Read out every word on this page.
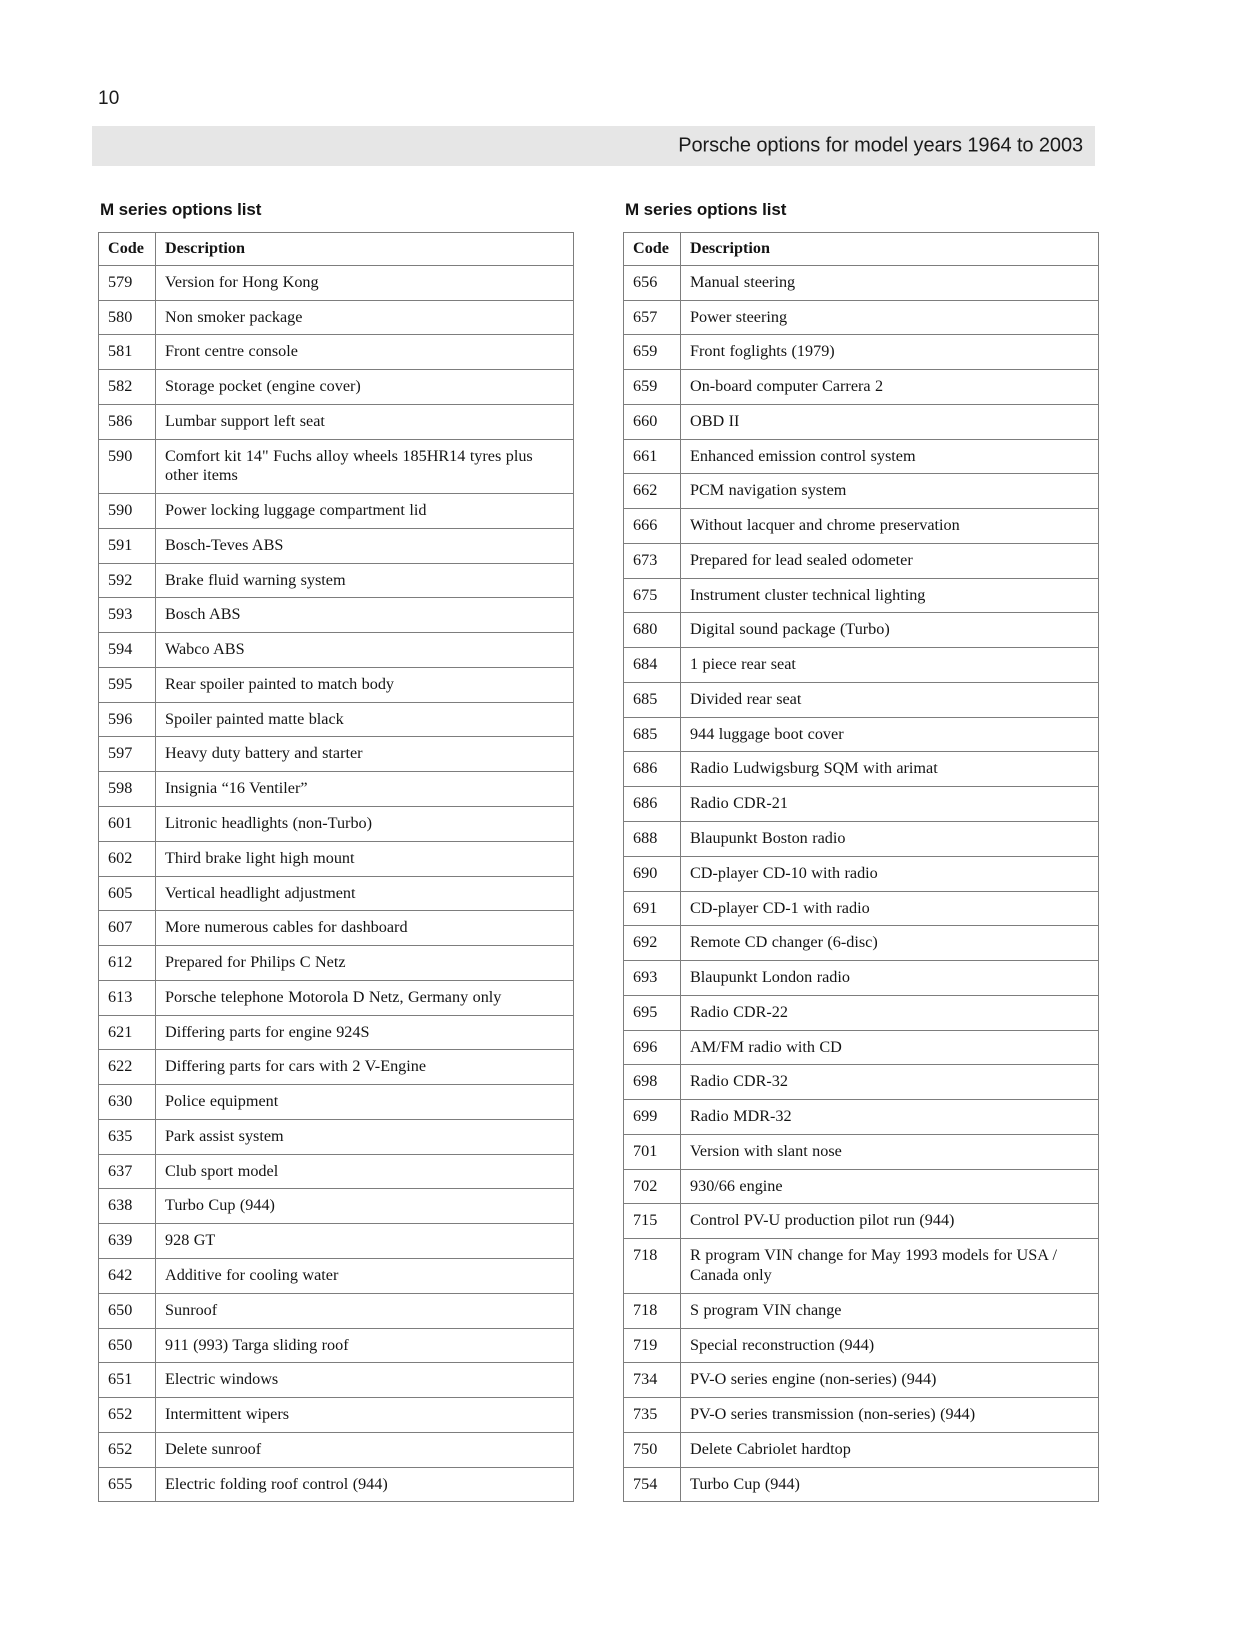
10
Porsche options for model years 1964 to 2003
M series options list
Code	Description
579	Version for Hong Kong
580	Non smoker package
581	Front centre console
582	Storage pocket (engine cover)
586	Lumbar support left seat
590	Comfort kit 14" Fuchs alloy wheels 185HR14 tyres plus other items
590	Power locking luggage compartment lid
591	Bosch-Teves ABS
592	Brake fluid warning system
593	Bosch ABS
594	Wabco ABS
595	Rear spoiler painted to match body
596	Spoiler painted matte black
597	Heavy duty battery and starter
598	Insignia “16 Ventiler”
601	Litronic headlights (non-Turbo)
602	Third brake light high mount
605	Vertical headlight adjustment
607	More numerous cables for dashboard
612	Prepared for Philips C Netz
613	Porsche telephone Motorola D Netz, Germany only
621	Differing parts for engine 924S
622	Differing parts for cars with 2 V-Engine
630	Police equipment
635	Park assist system
637	Club sport model
638	Turbo Cup (944)
639	928 GT
642	Additive for cooling water
650	Sunroof
650	911 (993) Targa sliding roof
651	Electric windows
652	Intermittent wipers
652	Delete sunroof
655	Electric folding roof control (944)
M series options list
Code	Description
656	Manual steering
657	Power steering
659	Front foglights (1979)
659	On-board computer Carrera 2
660	OBD II
661	Enhanced emission control system
662	PCM navigation system
666	Without lacquer and chrome preservation
673	Prepared for lead sealed odometer
675	Instrument cluster technical lighting
680	Digital sound package (Turbo)
684	1 piece rear seat
685	Divided rear seat
685	944 luggage boot cover
686	Radio Ludwigsburg SQM with arimat
686	Radio CDR-21
688	Blaupunkt Boston radio
690	CD-player CD-10 with radio
691	CD-player CD-1 with radio
692	Remote CD changer (6-disc)
693	Blaupunkt London radio
695	Radio CDR-22
696	AM/FM radio with CD
698	Radio CDR-32
699	Radio MDR-32
701	Version with slant nose
702	930/66 engine
715	Control PV-U production pilot run (944)
718	R program VIN change for May 1993 models for USA / Canada only
718	S program VIN change
719	Special reconstruction (944)
734	PV-O series engine (non-series) (944)
735	PV-O series transmission (non-series) (944)
750	Delete Cabriolet hardtop
754	Turbo Cup (944)
